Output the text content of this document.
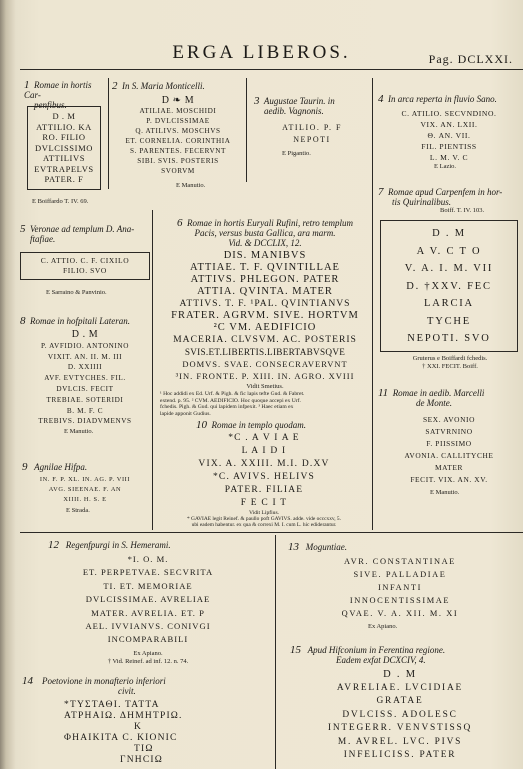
ERGA LIBEROS.	Pag. DCLXXI.
1 Romae in hortis Car-
penfibus.
D . M
ATTILIO. KA
RO. FILIO
DVLCISSIMO
ATTILIVS
EVTRAPELVS
PATER. F
E Boiffardo T. IV. 69.
2 In S. Maria Monticelli.
D ❧ M
ATILIAE. MOSCHIDI
P. DVLCISSIMAE
Q. ATILIVS. MOSCHVS
ET. CORNELIA. CORINTHIA
S. PARENTES. FECERVNT
SIBI. SVIS. POSTERIS
SVORVM
E Manutio.
3 Augustae Taurin. in
aedib. Vagnonis.
ATILIO. P. F
NEPOTI
E Pigantio.
4 In arca reperta in fluvio Sano.
C. ATILIO. SECVNDINO.
VIX. AN. LXII.
Θ. AN. VII.
FIL. PIENTISS
L. M. V. C
E Lazio.
5 Veronae ad templum D. Ana-
ftafiae.
C. ATTIO. C. F. CIXILO
FILIO. SVO
E Sarraino & Panvinio.
6 Romae in hortis Euryali Rufini, retro templum
Pacis, versus busta Gallica, ara marm.
Vid. & DCCLIX, 12.
DIS. MANIBVS
ATTIAE. T. F. QVINTILLAE
ATTIVS. PHLEGON. PATER
ATTIA. QVINTA. MATER
ATTIVS. T. F. ¹PAL. QVINTIANVS
FRATER. AGRVM. SIVE. HORTVM
²C VM. AEDIFICIO
MACERIA. CLVSVM. AC. POSTERIS
SVIS.ET.LIBERTIS.LIBERTABVSQVE
DOMVS. SVAE. CONSECRAVERVNT
³IN. FRONTE. P. XIII. IN. AGRO. XVIII
Vidit Smetius.
¹ Hoc addidi ex Ed. Urf. & Pigh. & fic lapis tefte Gud. & Fabret.
extend. p. 95. ² CVM. AEDIFICIO. Hoc quoque accepi ex Urf.
fchedis. Pigh. & Gud. qui lapidem infpexit. ³ Haec etiam ex
lapide apponit Gudius.
7 Romae apud Carpenfem in hor-
tis Quirinalibus.
Boiff. T. IV. 103.
D . M
A V. C T O
V. A. I. M. VII
D. †XXV. FEC
LARCIA
TYCHE
NEPOTI. SVO
Gruterus e Boiffardi fchedis.
† XXI. FECIT. Boiff.
8 Romae in hofpitali Lateran.
D . M
P. AVFIDIO. ANTONINO
VIXIT. AN. II. M. III
D. XXIIII
AVF. EVTYCHES. FIL.
DVLCIS. FECIT
TREBIAE. SOTERIDI
B. M. F. C
TREBIVS. DIADVMENVS
E Manutio.
9 Agnilae Hifpa.
IN. F. P. XL. IN. AG. P. VIII
AVG. SIEENAE. F. AN
XIIII. H. S. E
E Strada.
10 Romae in templo quodam.
*C . A V I A E
L A I D I
VIX. A. XXIII. M.I. D.XV
*C. AVIVS. HELIVS
PATER. FILIAE
F E C I T
Vidit Lipfius.
* GAVIAE legit Reinef. & paullo poft GAVIVS. adde. vide occcxxv, 5.
ubi eadem habentur. ex qua & correxi M. I. cum L. hic ediderantur.
11 Romae in aedib. Marcelli
de Monte.
SEX. AVONIO
SATVRNINO
F. PIISSIMO
AVONIA. CALLITYCHE
MATER
FECIT. VIX. AN. XV.
E Manutio.
12 Regenfpurgi in S. Hemerami.
*I. O. M.
ET. PERPETVAE. SECVRITA
TI. ET. MEMORIAE
DVLCISSIMAE. AVRELIAE
MATER. AVRELIA. ET. P
AEL. IVVIANVS. CONIVGI
INCOMPARABILI
Ex Apiano.
† Vid. Reinef. ad inf. 12. n. 74.
13 Moguntiae.
AVR. CONSTANTINAE
SIVE. PALLADIAE
INFANTI
INNOCENTISSIMAE
QVAE. V. A. XII. M. XI
Ex Apiano.
14 Poetovione in monafterio inferiori
civit.
*ΤΥΣΤΑΘΙ. ΤΑΤΤΑ
ΑΤΡΗΑΙΩ. ΔΗΜΗΤΡΙΩ.
Κ
ΦΗΑΙΚΙΤΑ Ϲ. ΚΙΟΝΙϹ
ΤΙΩ
ΓΝΗϹΙΩ
15 Apud Hifconium in Ferentina regione.
Eadem exfat DCXCIV, 4.
D . M
AVRELIAE. LVCIDIAE
GRATAE
DVLCISS. ADOLESC
INTEGERR. VENVSTISSQ
M. AVREL. LVC. PIVS
INFELICISS. PATER
